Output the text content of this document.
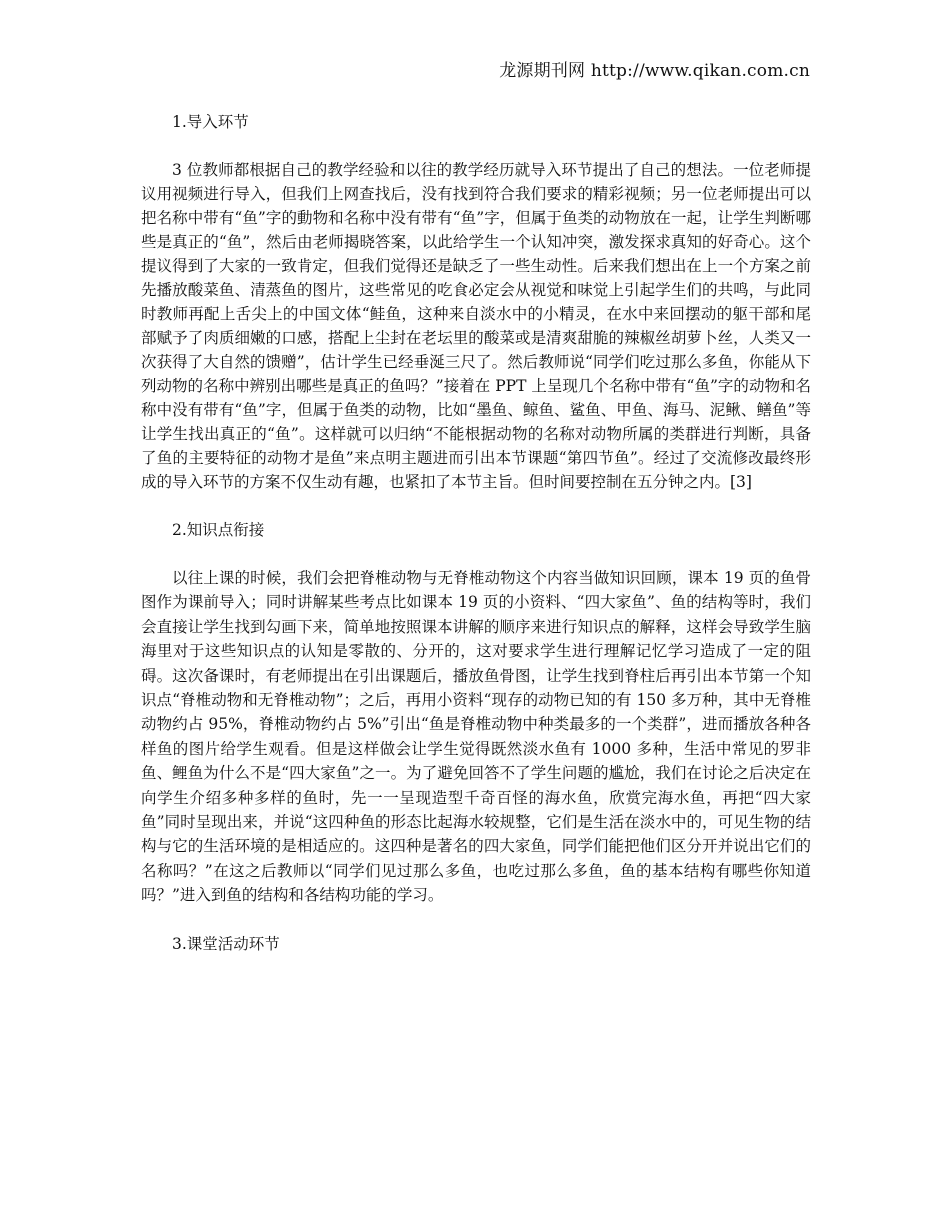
龙源期刊网 http://www.qikan.com.cn
1.导入环节

3 位教师都根据自己的教学经验和以往的教学经历就导入环节提出了自己的想法。一位老师提议用视频进行导入，但我们上网查找后，没有找到符合我们要求的精彩视频；另一位老师提出可以把名称中带有“鱼”字的動物和名称中没有带有“鱼”字，但属于鱼类的动物放在一起，让学生判断哪些是真正的“鱼”，然后由老师揭晓答案，以此给学生一个认知冲突，激发探求真知的好奇心。这个提议得到了大家的一致肯定，但我们觉得还是缺乏了一些生动性。后来我们想出在上一个方案之前先播放酸菜鱼、清蒸鱼的图片，这些常见的吃食必定会从视觉和味觉上引起学生们的共鸣，与此同时教师再配上舌尖上的中国文体“鲑鱼，这种来自淡水中的小精灵，在水中来回摆动的躯干部和尾部赋予了肉质细嫩的口感，搭配上尘封在老坛里的酸菜或是清爽甜脆的辣椒丝胡萝卜丝，人类又一次获得了大自然的馈赠”，估计学生已经垂涎三尺了。然后教师说“同学们吃过那么多鱼，你能从下列动物的名称中辨别出哪些是真正的鱼吗？”接着在 PPT 上呈现几个名称中带有“鱼”字的动物和名称中没有带有“鱼”字，但属于鱼类的动物，比如“墨鱼、鲸鱼、鲨鱼、甲鱼、海马、泥鳅、鳝鱼”等让学生找出真正的“鱼”。这样就可以归纳“不能根据动物的名称对动物所属的类群进行判断，具备了鱼的主要特征的动物才是鱼”来点明主题进而引出本节课题“第四节鱼”。经过了交流修改最终形成的导入环节的方案不仅生动有趣，也紧扣了本节主旨。但时间要控制在五分钟之内。[3]

2.知识点衔接

以往上课的时候，我们会把脊椎动物与无脊椎动物这个内容当做知识回顾，课本 19 页的鱼骨图作为课前导入；同时讲解某些考点比如课本 19 页的小资料、“四大家鱼”、鱼的结构等时，我们会直接让学生找到勾画下来，简单地按照课本讲解的顺序来进行知识点的解释，这样会导致学生脑海里对于这些知识点的认知是零散的、分开的，这对要求学生进行理解记忆学习造成了一定的阻碍。这次备课时，有老师提出在引出课题后，播放鱼骨图，让学生找到脊柱后再引出本节第一个知识点“脊椎动物和无脊椎动物”；之后，再用小资料“现存的动物已知的有 150 多万种，其中无脊椎动物约占 95%，脊椎动物约占 5%”引出“鱼是脊椎动物中种类最多的一个类群”，进而播放各种各样鱼的图片给学生观看。但是这样做会让学生觉得既然淡水鱼有 1000 多种，生活中常见的罗非鱼、鲤鱼为什么不是“四大家鱼”之一。为了避免回答不了学生问题的尴尬，我们在讨论之后决定在向学生介绍多种多样的鱼时，先一一呈现造型千奇百怪的海水鱼，欣赏完海水鱼，再把“四大家鱼”同时呈现出来，并说“这四种鱼的形态比起海水较规整，它们是生活在淡水中的，可见生物的结构与它的生活环境的是相适应的。这四种是著名的四大家鱼，同学们能把他们区分开并说出它们的名称吗？”在这之后教师以“同学们见过那么多鱼，也吃过那么多鱼，鱼的基本结构有哪些你知道吗？”进入到鱼的结构和各结构功能的学习。

3.课堂活动环节
